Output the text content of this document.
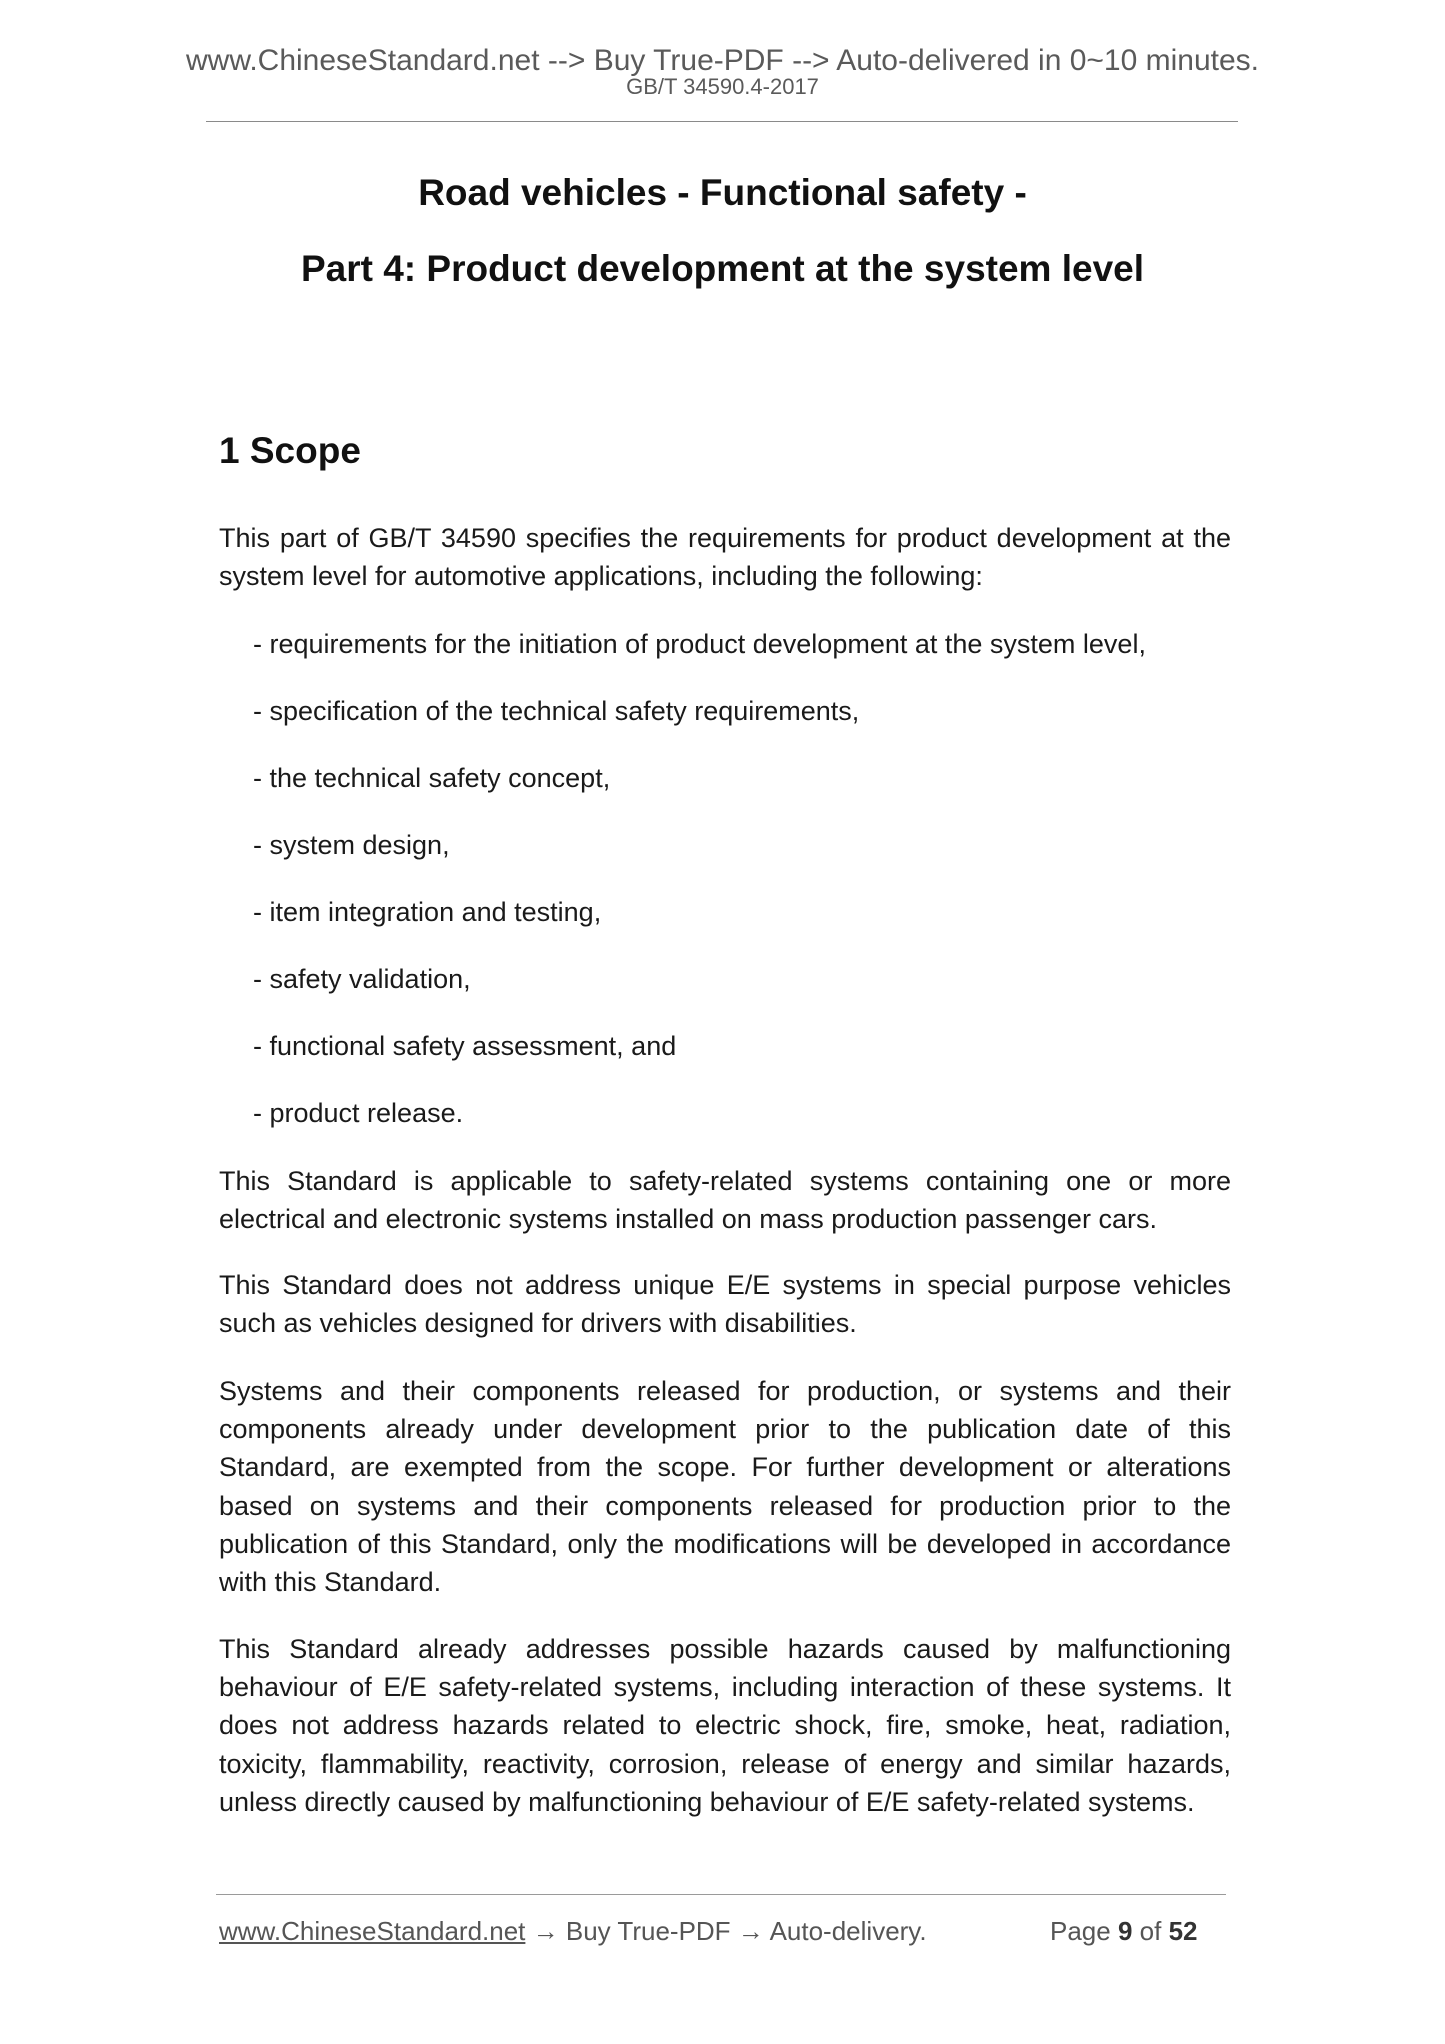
www.ChineseStandard.net --> Buy True-PDF --> Auto-delivered in 0~10 minutes.
GB/T 34590.4-2017
Road vehicles - Functional safety -
Part 4: Product development at the system level
1 Scope
This part of GB/T 34590 specifies the requirements for product development at the system level for automotive applications, including the following:
- requirements for the initiation of product development at the system level,
- specification of the technical safety requirements,
- the technical safety concept,
- system design,
- item integration and testing,
- safety validation,
- functional safety assessment, and
- product release.
This Standard is applicable to safety-related systems containing one or more electrical and electronic systems installed on mass production passenger cars.
This Standard does not address unique E/E systems in special purpose vehicles such as vehicles designed for drivers with disabilities.
Systems and their components released for production, or systems and their components already under development prior to the publication date of this Standard, are exempted from the scope. For further development or alterations based on systems and their components released for production prior to the publication of this Standard, only the modifications will be developed in accordance with this Standard.
This Standard already addresses possible hazards caused by malfunctioning behaviour of E/E safety-related systems, including interaction of these systems. It does not address hazards related to electric shock, fire, smoke, heat, radiation, toxicity, flammability, reactivity, corrosion, release of energy and similar hazards, unless directly caused by malfunctioning behaviour of E/E safety-related systems.
www.ChineseStandard.net → Buy True-PDF → Auto-delivery.	Page 9 of 52
